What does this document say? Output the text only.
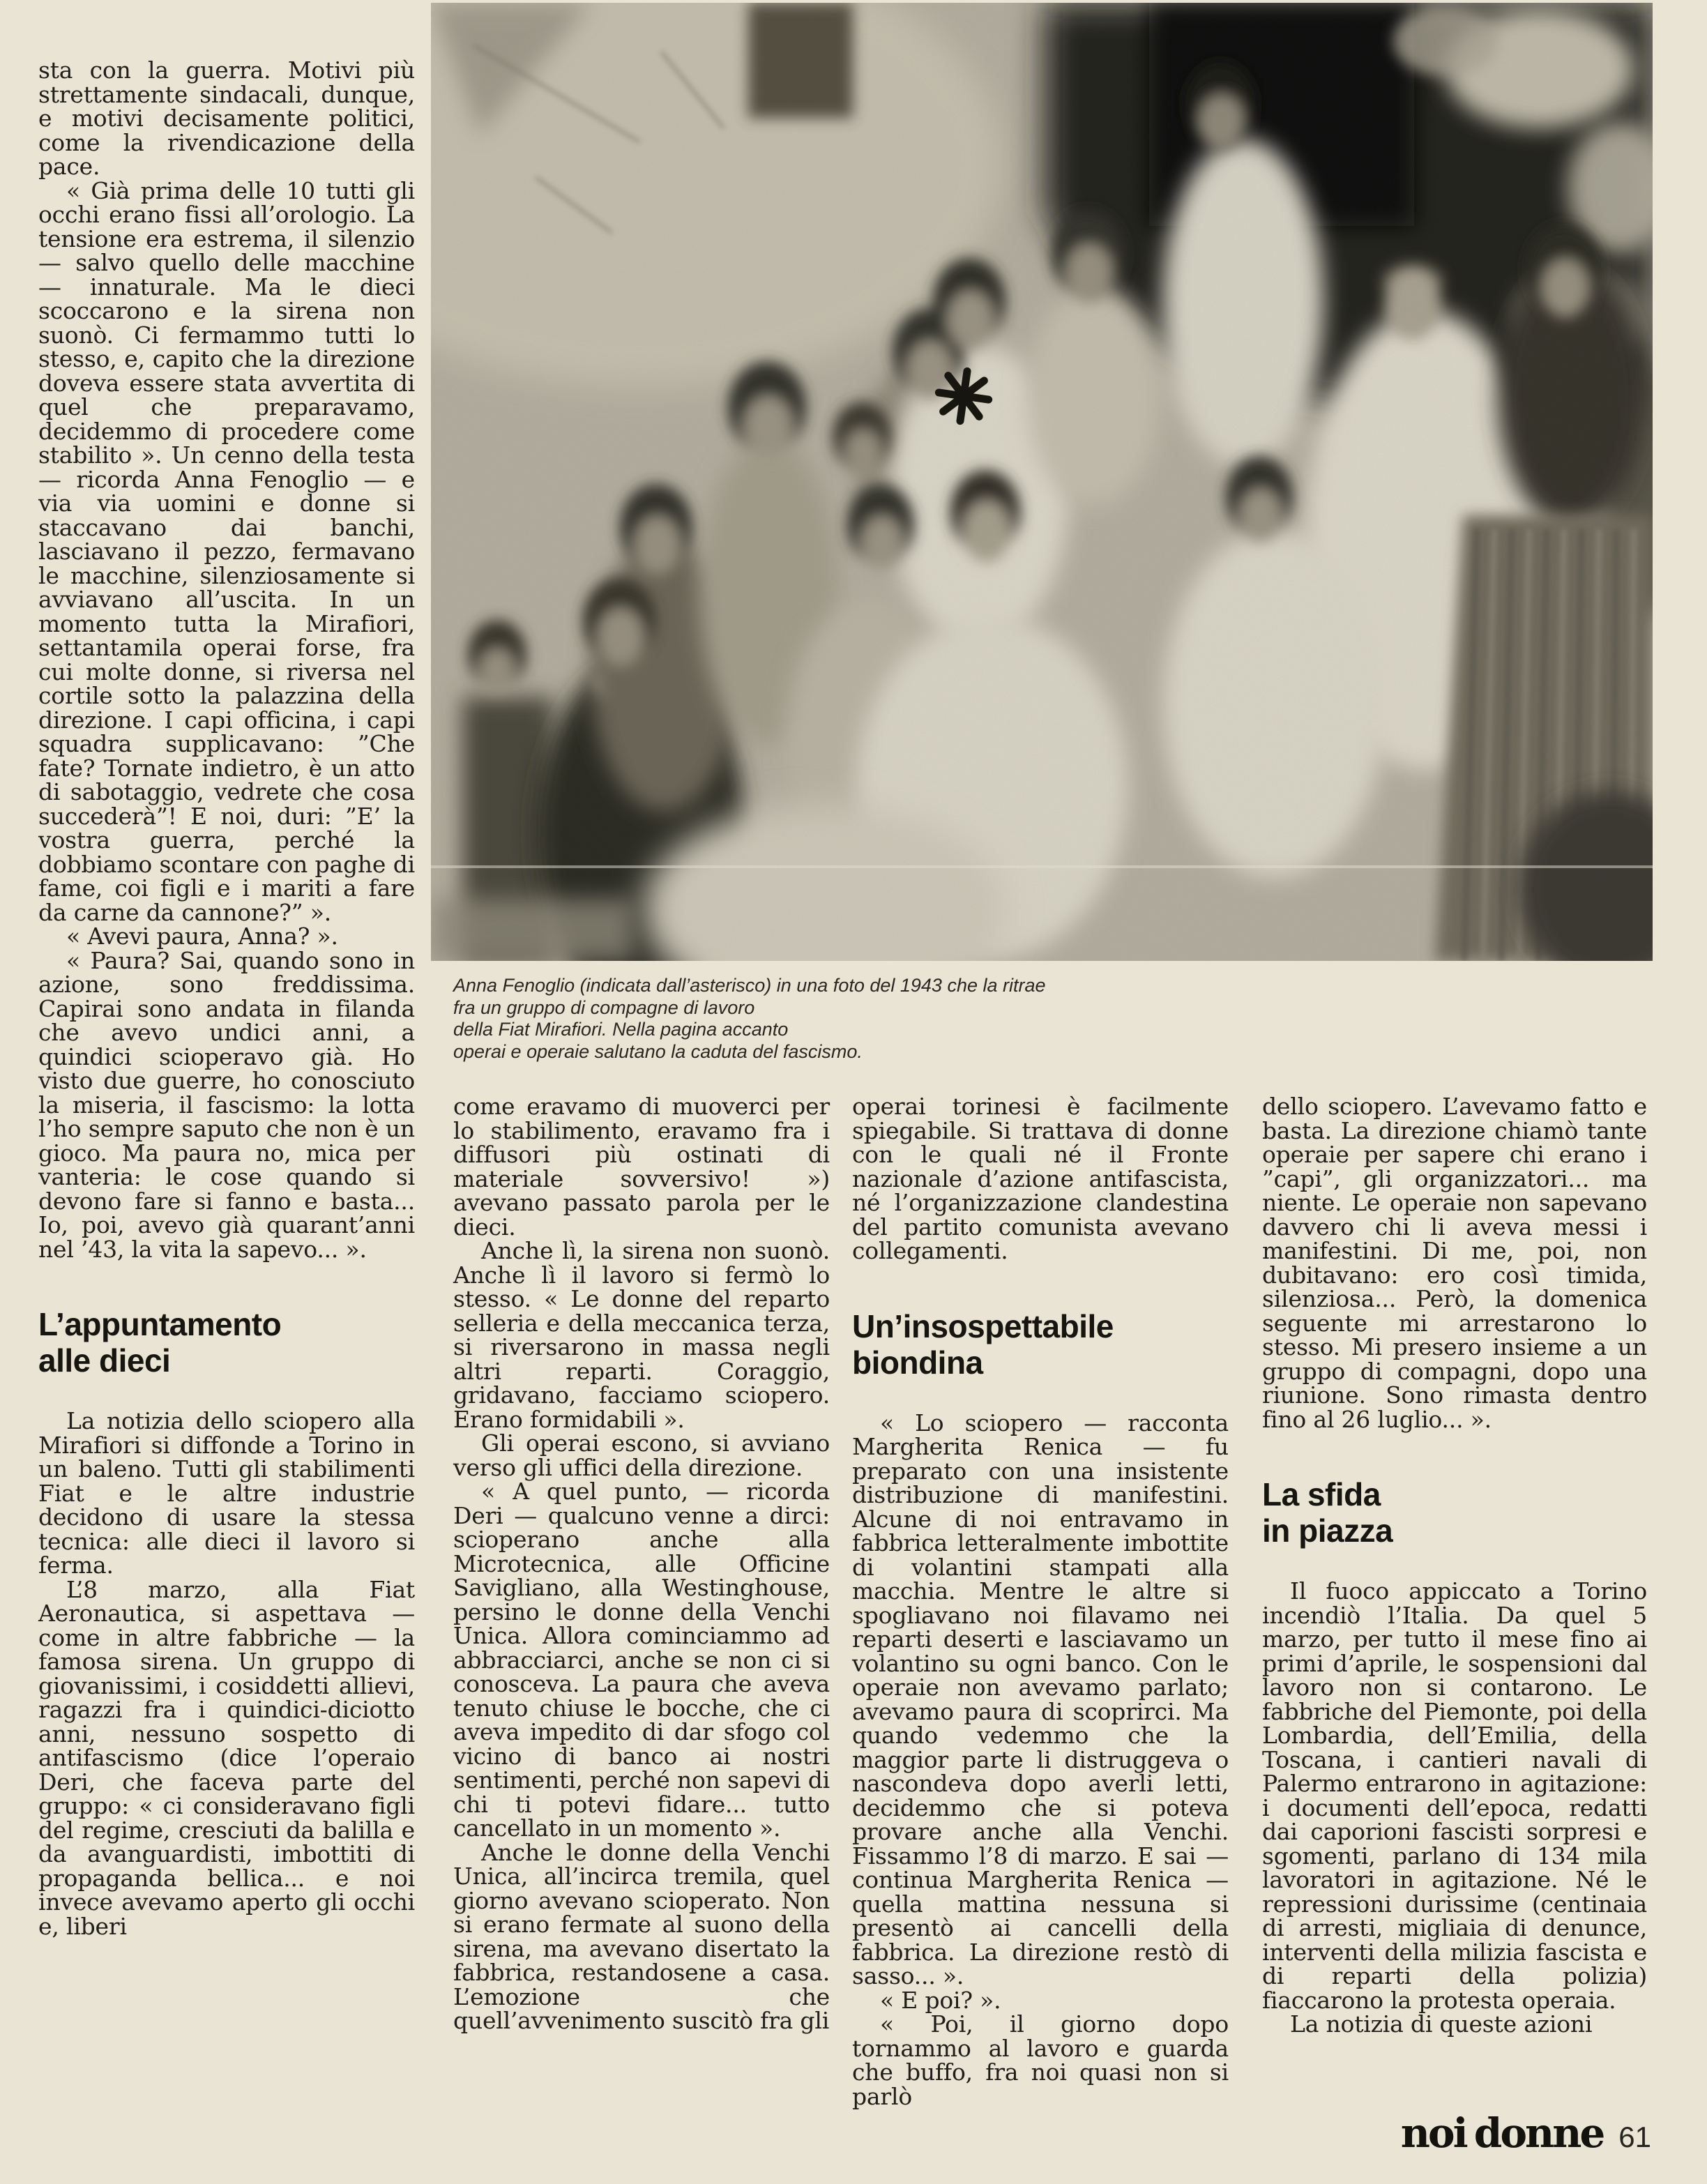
Anna Fenoglio (indicata dall’asterisco) in una foto del 1943 che la ritrae
fra un gruppo di compagne di lavoro
della Fiat Mirafiori. Nella pagina accanto
operai e operaie salutano la caduta del fascismo.

sta con la guerra. Motivi più strettamente sindacali, dunque, e motivi decisamente politici, come la rivendicazione della pace.

« Già prima delle 10 tutti gli occhi erano fissi all’orologio. La tensione era estrema, il silenzio — salvo quello delle macchine — innaturale. Ma le dieci scoccarono e la sirena non suonò. Ci fermammo tutti lo stesso, e, capito che la direzione doveva essere stata avvertita di quel che preparavamo, decidemmo di procedere come stabilito ». Un cenno della testa — ricorda Anna Fenoglio — e via via uomini e donne si staccavano dai banchi, lasciavano il pezzo, fermavano le macchine, silenziosamente si avviavano all’uscita. In un momento tutta la Mirafiori, settantamila operai forse, fra cui molte donne, si riversa nel cortile sotto la palazzina della direzione. I capi officina, i capi squadra supplicavano: ”Che fate? Tornate indietro, è un atto di sabotaggio, vedrete che cosa succederà”! E noi, duri: ”E’ la vostra guerra, perché la dobbiamo scontare con paghe di fame, coi figli e i mariti a fare da carne da cannone?” ».

« Avevi paura, Anna? ».

« Paura? Sai, quando sono in azione, sono freddissima. Capirai sono andata in filanda che avevo undici anni, a quindici scioperavo già. Ho visto due guerre, ho conosciuto la miseria, il fascismo: la lotta l’ho sempre saputo che non è un gioco. Ma paura no, mica per vanteria: le cose quando si devono fare si fanno e basta... Io, poi, avevo già quarant’anni nel ’43, la vita la sapevo... ».

L’appuntamento
alle dieci

La notizia dello sciopero alla Mirafiori si diffonde a Torino in un baleno. Tutti gli stabilimenti Fiat e le altre industrie decidono di usare la stessa tecnica: alle dieci il lavoro si ferma.

L’8 marzo, alla Fiat Aeronautica, si aspettava — come in altre fabbriche — la famosa sirena. Un gruppo di giovanissimi, i cosiddetti allievi, ragazzi fra i quindici-diciotto anni, nessuno sospetto di antifascismo (dice l’operaio Deri, che faceva parte del gruppo: « ci consideravano figli del regime, cresciuti da balilla e da avanguardisti, imbottiti di propaganda bellica... e noi invece avevamo aperto gli occhi e, liberi

come eravamo di muoverci per lo stabilimento, eravamo fra i diffusori più ostinati di materiale sovversivo! ») avevano passato parola per le dieci.

Anche lì, la sirena non suonò. Anche lì il lavoro si fermò lo stesso. « Le donne del reparto selleria e della meccanica terza, si riversarono in massa negli altri reparti. Coraggio, gridavano, facciamo sciopero. Erano formidabili ».

Gli operai escono, si avviano verso gli uffici della direzione.

« A quel punto, — ricorda Deri — qualcuno venne a dirci: scioperano anche alla Microtecnica, alle Officine Savigliano, alla Westinghouse, persino le donne della Venchi Unica. Allora cominciammo ad abbracciarci, anche se non ci si conosceva. La paura che aveva tenuto chiuse le bocche, che ci aveva impedito di dar sfogo col vicino di banco ai nostri sentimenti, perché non sapevi di chi ti potevi fidare... tutto cancellato in un momento ».

Anche le donne della Venchi Unica, all’incirca tremila, quel giorno avevano scioperato. Non si erano fermate al suono della sirena, ma avevano disertato la fabbrica, restandosene a casa. L’emozione che quell’avvenimento suscitò fra gli

operai torinesi è facilmente spiegabile. Si trattava di donne con le quali né il Fronte nazionale d’azione antifascista, né l’organizzazione clandestina del partito comunista avevano collegamenti.

Un’insospettabile
biondina

« Lo sciopero — racconta Margherita Renica — fu preparato con una insistente distribuzione di manifestini. Alcune di noi entravamo in fabbrica letteralmente imbottite di volantini stampati alla macchia. Mentre le altre si spogliavano noi filavamo nei reparti deserti e lasciavamo un volantino su ogni banco. Con le operaie non avevamo parlato; avevamo paura di scoprirci. Ma quando vedemmo che la maggior parte li distruggeva o nascondeva dopo averli letti, decidemmo che si poteva provare anche alla Venchi. Fissammo l’8 di marzo. E sai — continua Margherita Renica — quella mattina nessuna si presentò ai cancelli della fabbrica. La direzione restò di sasso... ».

« E poi? ».

« Poi, il giorno dopo tornammo al lavoro e guarda che buffo, fra noi quasi non si parlò

dello sciopero. L’avevamo fatto e basta. La direzione chiamò tante operaie per sapere chi erano i ”capi”, gli organizzatori... ma niente. Le operaie non sapevano davvero chi li aveva messi i manifestini. Di me, poi, non dubitavano: ero così timida, silenziosa... Però, la domenica seguente mi arrestarono lo stesso. Mi presero insieme a un gruppo di compagni, dopo una riunione. Sono rimasta dentro fino al 26 luglio... ».

La sfida
in piazza

Il fuoco appiccato a Torino incendiò l’Italia. Da quel 5 marzo, per tutto il mese fino ai primi d’aprile, le sospensioni dal lavoro non si contarono. Le fabbriche del Piemonte, poi della Lombardia, dell’Emilia, della Toscana, i cantieri navali di Palermo entrarono in agitazione: i documenti dell’epoca, redatti dai caporioni fascisti sorpresi e sgomenti, parlano di 134 mila lavoratori in agitazione. Né le repressioni durissime (centinaia di arresti, migliaia di denunce, interventi della milizia fascista e di reparti della polizia) fiaccarono la protesta operaia.

La notizia di queste azioni

noi donne 61
